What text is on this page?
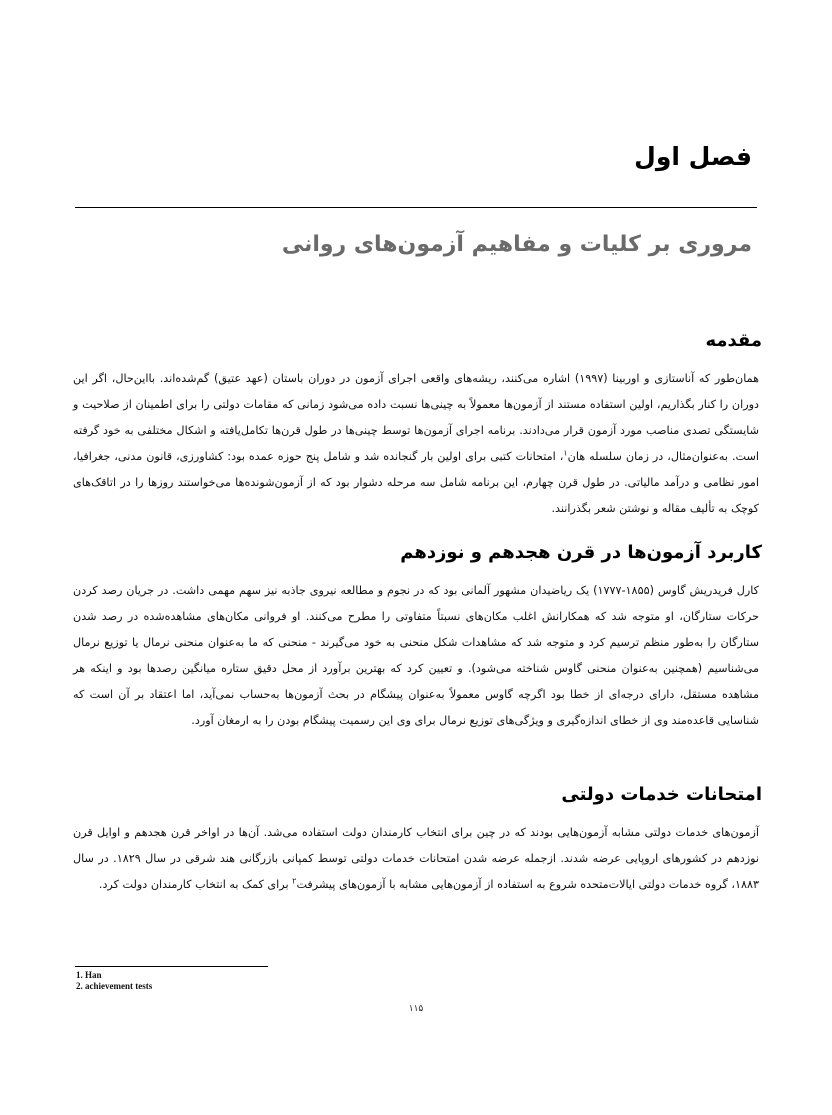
فصل اول
مروری بر کلیات و مفاهیم آزمون‌های روانی
مقدمه

همان‌طور که آناستازی و اوربینا (۱۹۹۷) اشاره می‌کنند، ریشه‌های واقعی اجرای آزمون در دوران باستان (عهد عتیق) گم‌شده‌اند. بااین‌حال، اگر این دوران را کنار بگذاریم، اولین استفاده مستند از آزمون‌ها معمولاً به چینی‌ها نسبت داده می‌شود زمانی که مقامات دولتی را برای اطمینان از صلاحیت و شایستگی تصدی مناصب مورد آزمون قرار می‌دادند. برنامه اجرای آزمون‌ها توسط چینی‌ها در طول قرن‌ها تکامل‌یافته و اشکال مختلفی به خود گرفته است. به‌عنوان‌مثال، در زمان سلسله هان$^۱$، امتحانات کتبی برای اولین بار گنجانده شد و شامل پنج حوزه عمده بود: کشاورزی، قانون مدنی، جغرافیا، امور نظامی و درآمد مالیاتی. در طول قرن چهارم، این برنامه شامل سه مرحله دشوار بود که از آزمون‌شونده‌ها می‌خواستند روزها را در اتاقک‌های کوچک به تألیف مقاله و نوشتن شعر بگذرانند.

کاربرد آزمون‌ها در قرن هجدهم و نوزدهم

کارل فریدریش گاوس (۱۸۵۵-۱۷۷۷) یک ریاضیدان مشهور آلمانی بود که در نجوم و مطالعه نیروی جاذبه نیز سهم مهمی داشت. در جریان رصد کردن حرکات ستارگان، او متوجه شد که همکارانش اغلب مکان‌های نسبتاً متفاوتی را مطرح می‌کنند. او فروانی مکان‌های مشاهده‌شده در رصد شدن ستارگان را به‌طور منظم ترسیم کرد و متوجه شد که مشاهدات شکل منحنی به خود می‌گیرند - منحنی که ما به‌عنوان منحنی نرمال یا توزیع نرمال می‌شناسیم (همچنین به‌عنوان منحنی گاوس شناخته می‌شود). و تعیین کرد که بهترین برآورد از محل دقیق ستاره میانگین رصدها بود و اینکه هر مشاهده مستقل، دارای درجه‌ای از خطا بود اگرچه گاوس معمولاً به‌عنوان پیشگام در بحث آزمون‌ها به‌حساب نمی‌آید، اما اعتقاد بر آن است که شناسایی قاعده‌مند وی از خطای اندازه‌گیری و ویژگی‌های توزیع نرمال برای وی این رسمیت پیشگام بودن را به ارمغان آورد.

امتحانات خدمات دولتی

آزمون‌های خدمات دولتی مشابه آزمون‌هایی بودند که در چین برای انتخاب کارمندان دولت استفاده می‌شد. آن‌ها در اواخر قرن هجدهم و اوایل قرن نوزدهم در کشورهای اروپایی عرضه شدند. ازجمله عرضه شدن امتحانات خدمات دولتی توسط کمپانی بازرگانی هند شرقی در سال ۱۸۲۹. در سال ۱۸۸۳، گروه خدمات دولتی ایالات‌متحده شروع به استفاده از آزمون‌هایی مشابه با آزمون‌های پیشرفت$^۲$ برای کمک به انتخاب کارمندان دولت کرد.

1. Han
2. achievement tests
۱۱۵
